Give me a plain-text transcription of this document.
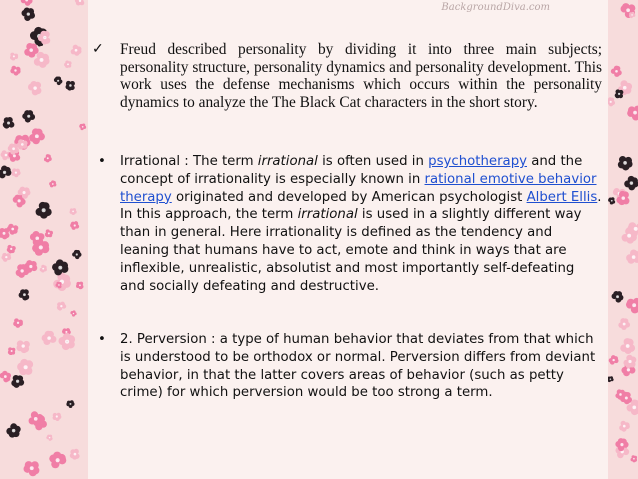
BackgroundDiva.com
✓ Freud described personality by dividing it into three main subjects; personality structure, personality dynamics and personality development. This work uses the defense mechanisms which occurs within the personality dynamics to analyze the The Black Cat characters in the short story.
• Irrational : The term irrational is often used in psychotherapy and the concept of irrationality is especially known in rational emotive behavior therapy originated and developed by American psychologist Albert Ellis. In this approach, the term irrational is used in a slightly different way than in general. Here irrationality is defined as the tendency and leaning that humans have to act, emote and think in ways that are inflexible, unrealistic, absolutist and most importantly self-defeating and socially defeating and destructive.
• 2. Perversion : a type of human behavior that deviates from that which is understood to be orthodox or normal. Perversion differs from deviant behavior, in that the latter covers areas of behavior (such as petty crime) for which perversion would be too strong a term.
